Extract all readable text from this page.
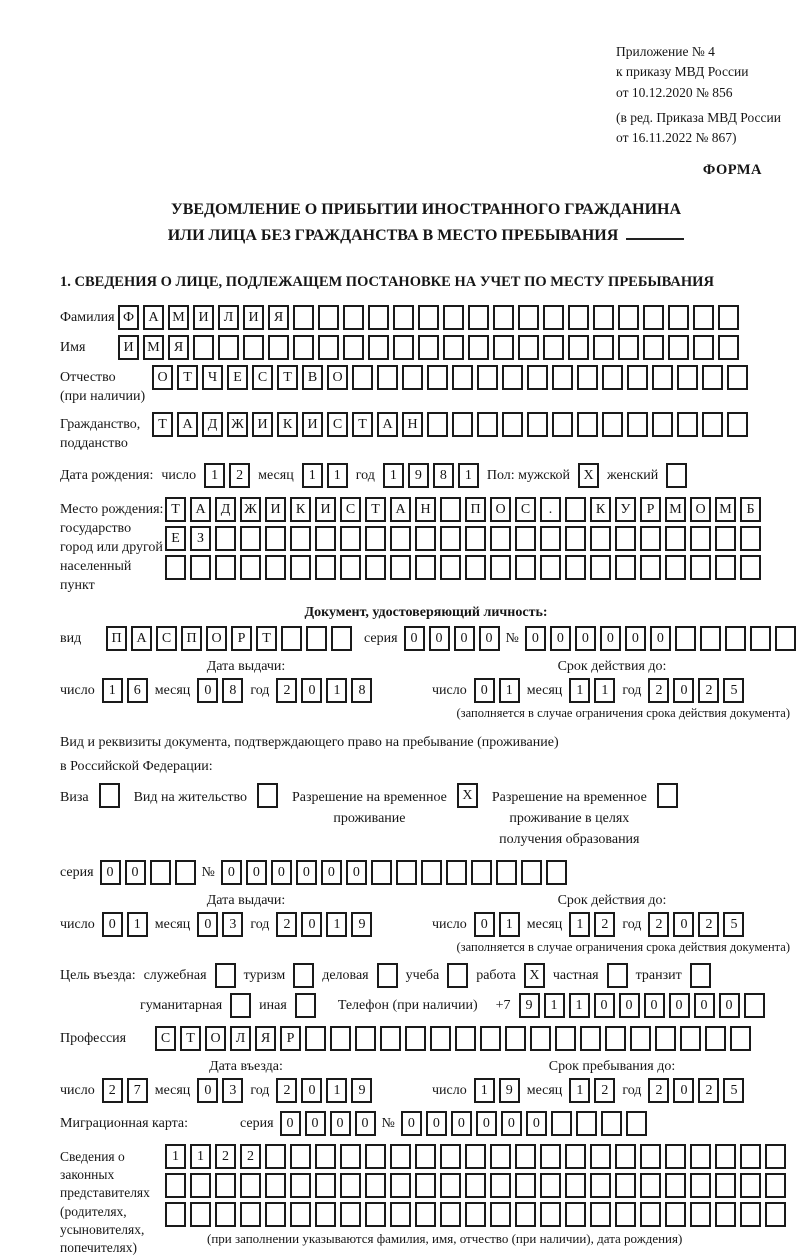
Приложение № 4
к приказу МВД России
от 10.12.2020 № 856
(в ред. Приказа МВД России
от 16.11.2022 № 867)
ФОРМА
УВЕДОМЛЕНИЕ О ПРИБЫТИИ ИНОСТРАННОГО ГРАЖДАНИНА
ИЛИ ЛИЦА БЕЗ ГРАЖДАНСТВА В МЕСТО ПРЕБЫВАНИЯ
1. СВЕДЕНИЯ О ЛИЦЕ, ПОДЛЕЖАЩЕМ ПОСТАНОВКЕ НА УЧЕТ ПО МЕСТУ ПРЕБЫВАНИЯ
Фамилия Ф	А М И	Л	И	Я
Имя	И М	Я
Отчество
(при наличии)
О	Т	Ч	Е	С	Т	В	О
Гражданство,
подданство
Т	А	Д Ж И	К	И	С	Т	А	Н
Дата рождения: число	1	2	месяц	1	1	год	1	9	8	1	Пол: мужской X женский
Место рождения:
государство
город или другой
населенный пункт
Т	А	Д Ж И	К	И	С	Т	А	Н	П	О	С	.	К	У	Р	М О М	Б
Е	З
Документ, удостоверяющий личность:
вид	П	А	С	П	О	Р	Т	серия 0	0	0	0 № 0	0	0	0	0	0
Дата выдачи:
число	1	6	месяц	0	8	год	2	0	1	8
Срок действия до:
число	0	1	месяц	1	1	год	2	0	2	5
(заполняется в случае ограничения срока действия документа)
Вид и реквизиты документа, подтверждающего право на пребывание (проживание)
в Российской Федерации:
Виза	Вид на жительство	Разрешение на временное
проживание
X	Разрешение на временное
проживание в целях
получения образования
серия 0	0	№ 0	0	0	0	0	0
Дата выдачи:
число	0	1	месяц	0	3	год	2	0	1	9
Срок действия до:
число	0	1	месяц	1	2	год	2	0	2	5
(заполняется в случае ограничения срока действия документа)
Цель въезда: служебная	туризм	деловая	учеба	работа X частная	транзит
гуманитарная	иная	Телефон (при наличии) +7	9	1	1	0	0	0	0	0	0
Профессия	С	Т	О	Л	Я	Р
Дата въезда:
число	2	7	месяц	0	3	год	2	0	1	9
Срок пребывания до:
число	1	9	месяц	1	2	год	2	0	2	5
Миграционная карта:	серия 0	0	0	0 № 0	0	0	0	0	0
Сведения о
законных
представителях
(родителях,
усыновителях,
попечителях)
1	1	2	2
(при заполнении указываются фамилия, имя, отчество (при наличии), дата рождения)
